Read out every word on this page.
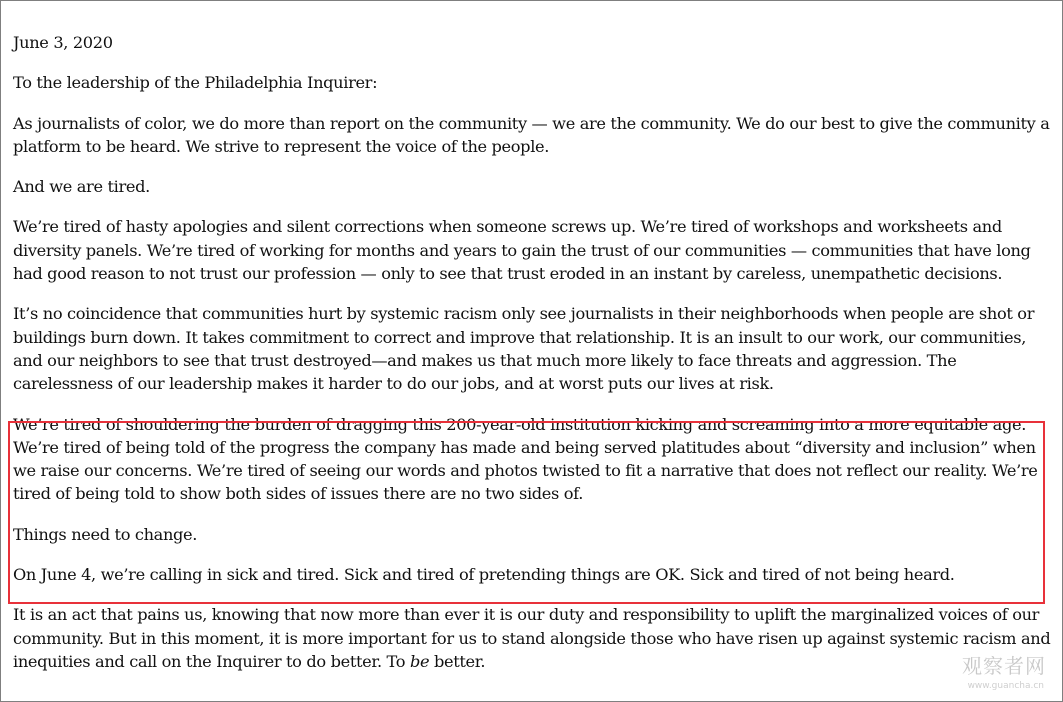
June 3, 2020

To the leadership of the Philadelphia Inquirer:

As journalists of color, we do more than report on the community — we are the community. We do our best to give the community a platform to be heard. We strive to represent the voice of the people.

And we are tired.

We’re tired of hasty apologies and silent corrections when someone screws up. We’re tired of workshops and worksheets and diversity panels. We’re tired of working for months and years to gain the trust of our communities — communities that have long had good reason to not trust our profession — only to see that trust eroded in an instant by careless, unempathetic decisions.

It’s no coincidence that communities hurt by systemic racism only see journalists in their neighborhoods when people are shot or buildings burn down. It takes commitment to correct and improve that relationship. It is an insult to our work, our communities, and our neighbors to see that trust destroyed—and makes us that much more likely to face threats and aggression. The carelessness of our leadership makes it harder to do our jobs, and at worst puts our lives at risk.

We’re tired of shouldering the burden of dragging this 200-year-old institution kicking and screaming into a more equitable age. We’re tired of being told of the progress the company has made and being served platitudes about “diversity and inclusion” when we raise our concerns. We’re tired of seeing our words and photos twisted to fit a narrative that does not reflect our reality. We’re tired of being told to show both sides of issues there are no two sides of.

Things need to change.

On June 4, we’re calling in sick and tired. Sick and tired of pretending things are OK. Sick and tired of not being heard.

It is an act that pains us, knowing that now more than ever it is our duty and responsibility to uplift the marginalized voices of our community. But in this moment, it is more important for us to stand alongside those who have risen up against systemic racism and inequities and call on the Inquirer to do better. To be better.	观察者网
www.guancha.cn
